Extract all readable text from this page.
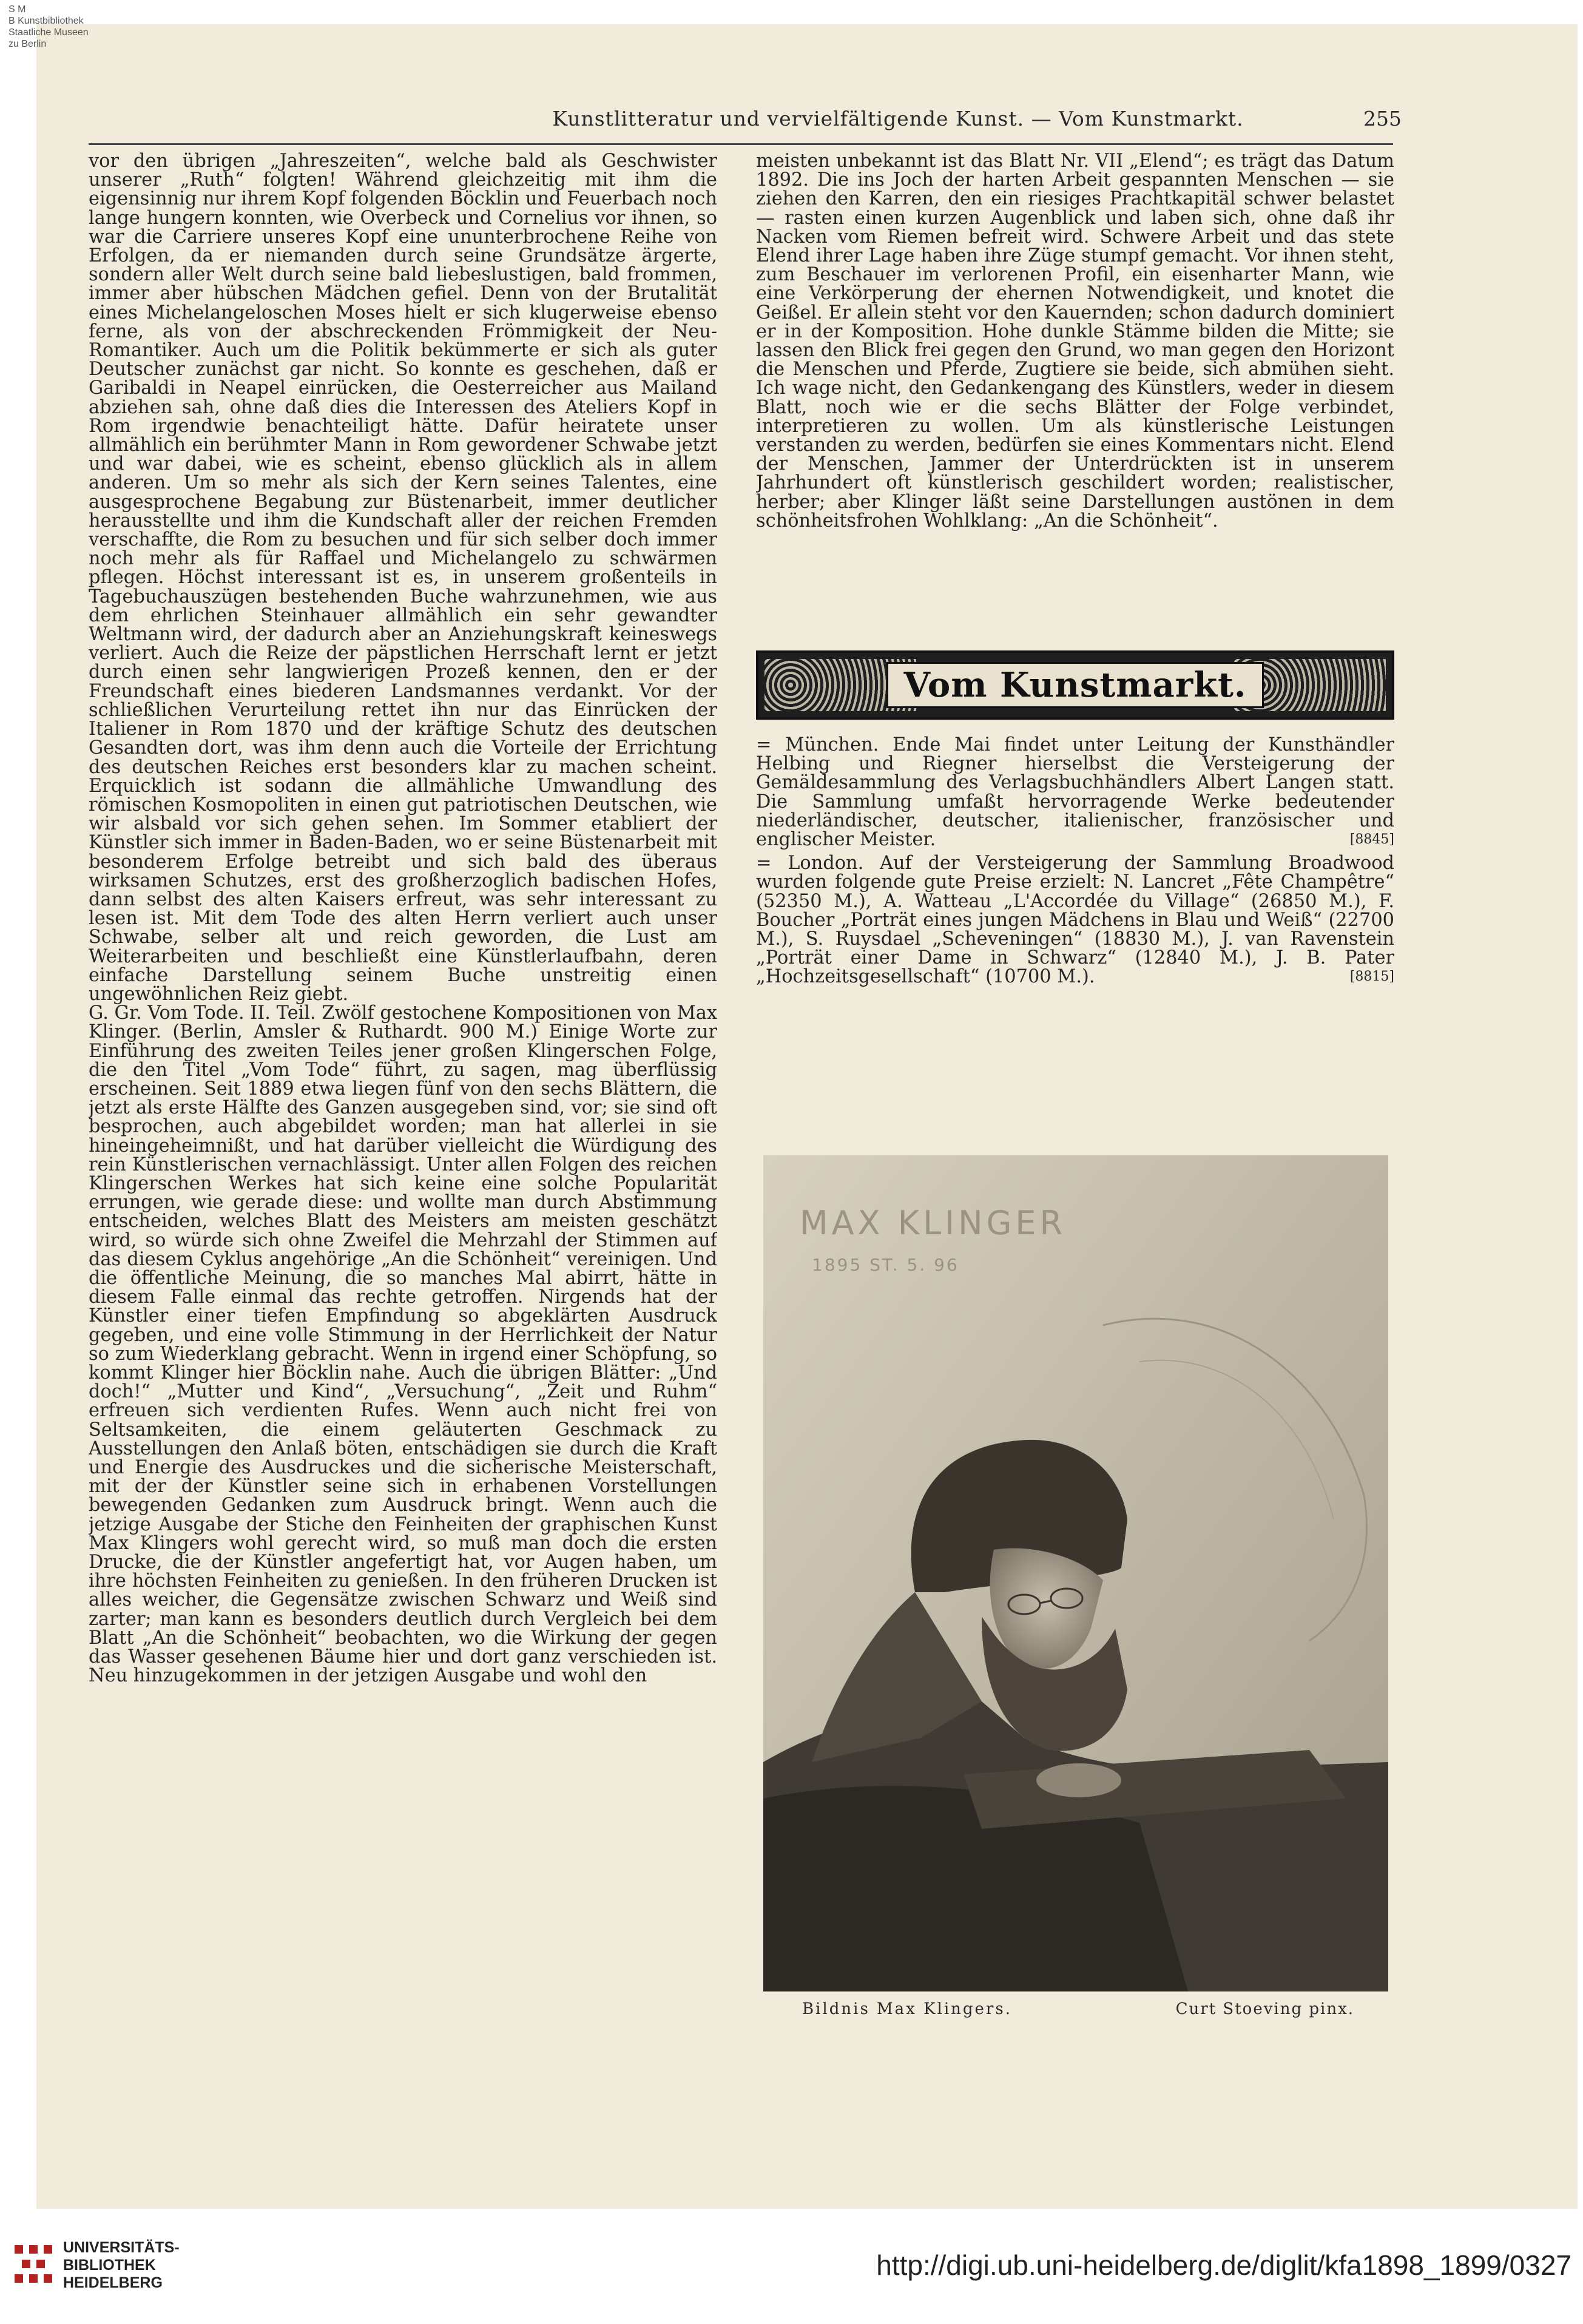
S M
B Kunstbibliothek
Staatliche Museen
zu Berlin
Kunstlitteratur und vervielfältigende Kunst. — Vom Kunstmarkt.	255

vor den übrigen „Jahreszeiten“, welche bald als Geschwister unserer „Ruth“ folgten! Während gleichzeitig mit ihm die eigensinnig nur ihrem Kopf folgenden Böcklin und Feuerbach noch lange hungern konnten, wie Overbeck und Cornelius vor ihnen, so war die Carriere unseres Kopf eine ununterbrochene Reihe von Erfolgen, da er niemanden durch seine Grundsätze ärgerte, sondern aller Welt durch seine bald liebeslustigen, bald frommen, immer aber hübschen Mädchen gefiel. Denn von der Brutalität eines Michelangeloschen Moses hielt er sich klugerweise ebenso ferne, als von der abschreckenden Frömmigkeit der Neu-Romantiker. Auch um die Politik bekümmerte er sich als guter Deutscher zunächst gar nicht. So konnte es geschehen, daß er Garibaldi in Neapel einrücken, die Oesterreicher aus Mailand abziehen sah, ohne daß dies die Interessen des Ateliers Kopf in Rom irgendwie benachteiligt hätte. Dafür heiratete unser allmählich ein berühmter Mann in Rom gewordener Schwabe jetzt und war dabei, wie es scheint, ebenso glücklich als in allem anderen. Um so mehr als sich der Kern seines Talentes, eine ausgesprochene Begabung zur Büstenarbeit, immer deutlicher herausstellte und ihm die Kundschaft aller der reichen Fremden verschaffte, die Rom zu besuchen und für sich selber doch immer noch mehr als für Raffael und Michelangelo zu schwärmen pflegen. Höchst interessant ist es, in unserem großenteils in Tagebuchauszügen bestehenden Buche wahrzunehmen, wie aus dem ehrlichen Steinhauer allmählich ein sehr gewandter Weltmann wird, der dadurch aber an Anziehungskraft keineswegs verliert. Auch die Reize der päpstlichen Herrschaft lernt er jetzt durch einen sehr langwierigen Prozeß kennen, den er der Freundschaft eines biederen Landsmannes verdankt. Vor der schließlichen Verurteilung rettet ihn nur das Einrücken der Italiener in Rom 1870 und der kräftige Schutz des deutschen Gesandten dort, was ihm denn auch die Vorteile der Errichtung des deutschen Reiches erst besonders klar zu machen scheint. Erquicklich ist sodann die allmähliche Umwandlung des römischen Kosmopoliten in einen gut patriotischen Deutschen, wie wir alsbald vor sich gehen sehen. Im Sommer etabliert der Künstler sich immer in Baden-Baden, wo er seine Büstenarbeit mit besonderem Erfolge betreibt und sich bald des überaus wirksamen Schutzes, erst des großherzoglich badischen Hofes, dann selbst des alten Kaisers erfreut, was sehr interessant zu lesen ist. Mit dem Tode des alten Herrn verliert auch unser Schwabe, selber alt und reich geworden, die Lust am Weiterarbeiten und beschließt eine Künstlerlaufbahn, deren einfache Darstellung seinem Buche unstreitig einen ungewöhnlichen Reiz giebt.

G. Gr. Vom Tode. II. Teil. Zwölf gestochene Kompositionen von Max Klinger. (Berlin, Amsler & Ruthardt. 900 M.) Einige Worte zur Einführung des zweiten Teiles jener großen Klingerschen Folge, die den Titel „Vom Tode“ führt, zu sagen, mag überflüssig erscheinen. Seit 1889 etwa liegen fünf von den sechs Blättern, die jetzt als erste Hälfte des Ganzen ausgegeben sind, vor; sie sind oft besprochen, auch abgebildet worden; man hat allerlei in sie hineingeheimnißt, und hat darüber vielleicht die Würdigung des rein Künstlerischen vernachlässigt. Unter allen Folgen des reichen Klingerschen Werkes hat sich keine eine solche Popularität errungen, wie gerade diese: und wollte man durch Abstimmung entscheiden, welches Blatt des Meisters am meisten geschätzt wird, so würde sich ohne Zweifel die Mehrzahl der Stimmen auf das diesem Cyklus angehörige „An die Schönheit“ vereinigen. Und die öffentliche Meinung, die so manches Mal abirrt, hätte in diesem Falle einmal das rechte getroffen. Nirgends hat der Künstler einer tiefen Empfindung so abgeklärten Ausdruck gegeben, und eine volle Stimmung in der Herrlichkeit der Natur so zum Wiederklang gebracht. Wenn in irgend einer Schöpfung, so kommt Klinger hier Böcklin nahe. Auch die übrigen Blätter: „Und doch!“ „Mutter und Kind“, „Versuchung“, „Zeit und Ruhm“ erfreuen sich verdienten Rufes. Wenn auch nicht frei von Seltsamkeiten, die einem geläuterten Geschmack zu Ausstellungen den Anlaß böten, entschädigen sie durch die Kraft und Energie des Ausdruckes und die sicherische Meisterschaft, mit der der Künstler seine sich in erhabenen Vorstellungen bewegenden Gedanken zum Ausdruck bringt. Wenn auch die jetzige Ausgabe der Stiche den Feinheiten der graphischen Kunst Max Klingers wohl gerecht wird, so muß man doch die ersten Drucke, die der Künstler angefertigt hat, vor Augen haben, um ihre höchsten Feinheiten zu genießen. In den früheren Drucken ist alles weicher, die Gegensätze zwischen Schwarz und Weiß sind zarter; man kann es besonders deutlich durch Vergleich bei dem Blatt „An die Schönheit“ beobachten, wo die Wirkung der gegen das Wasser gesehenen Bäume hier und dort ganz verschieden ist. Neu hinzugekommen in der jetzigen Ausgabe und wohl den

meisten unbekannt ist das Blatt Nr. VII „Elend“; es trägt das Datum 1892. Die ins Joch der harten Arbeit gespannten Menschen — sie ziehen den Karren, den ein riesiges Prachtkapitäl schwer belastet — rasten einen kurzen Augenblick und laben sich, ohne daß ihr Nacken vom Riemen befreit wird. Schwere Arbeit und das stete Elend ihrer Lage haben ihre Züge stumpf gemacht. Vor ihnen steht, zum Beschauer im verlorenen Profil, ein eisenharter Mann, wie eine Verkörperung der ehernen Notwendigkeit, und knotet die Geißel. Er allein steht vor den Kauernden; schon dadurch dominiert er in der Komposition. Hohe dunkle Stämme bilden die Mitte; sie lassen den Blick frei gegen den Grund, wo man gegen den Horizont die Menschen und Pferde, Zugtiere sie beide, sich abmühen sieht. Ich wage nicht, den Gedankengang des Künstlers, weder in diesem Blatt, noch wie er die sechs Blätter der Folge verbindet, interpretieren zu wollen. Um als künstlerische Leistungen verstanden zu werden, bedürfen sie eines Kommentars nicht. Elend der Menschen, Jammer der Unterdrückten ist in unserem Jahrhundert oft künstlerisch geschildert worden; realistischer, herber; aber Klinger läßt seine Darstellungen austönen in dem schönheitsfrohen Wohlklang: „An die Schönheit“.

Vom Kunstmarkt.

= München. Ende Mai findet unter Leitung der Kunsthändler Helbing und Riegner hierselbst die Versteigerung der Gemäldesammlung des Verlagsbuchhändlers Albert Langen statt. Die Sammlung umfaßt hervorragende Werke bedeutender niederländischer, deutscher, italienischer, französischer und englischer Meister.	[8845]

= London. Auf der Versteigerung der Sammlung Broadwood wurden folgende gute Preise erzielt: N. Lancret „Fête Champêtre“ (52350 M.), A. Watteau „L'Accordée du Village“ (26850 M.), F. Boucher „Porträt eines jungen Mädchens in Blau und Weiß“ (22700 M.), S. Ruysdael „Scheveningen“ (18830 M.), J. van Ravenstein „Porträt einer Dame in Schwarz“ (12840 M.), J. B. Pater „Hochzeitsgesellschaft“ (10700 M.).	[8815]

MAX KLINGER
1895 ST. 5. 96
Bildnis Max Klingers.	Curt Stoeving pinx.
UNIVERSITÄTS-
BIBLIOTHEK
HEIDELBERG
http://digi.ub.uni-heidelberg.de/diglit/kfa1898_1899/0327
